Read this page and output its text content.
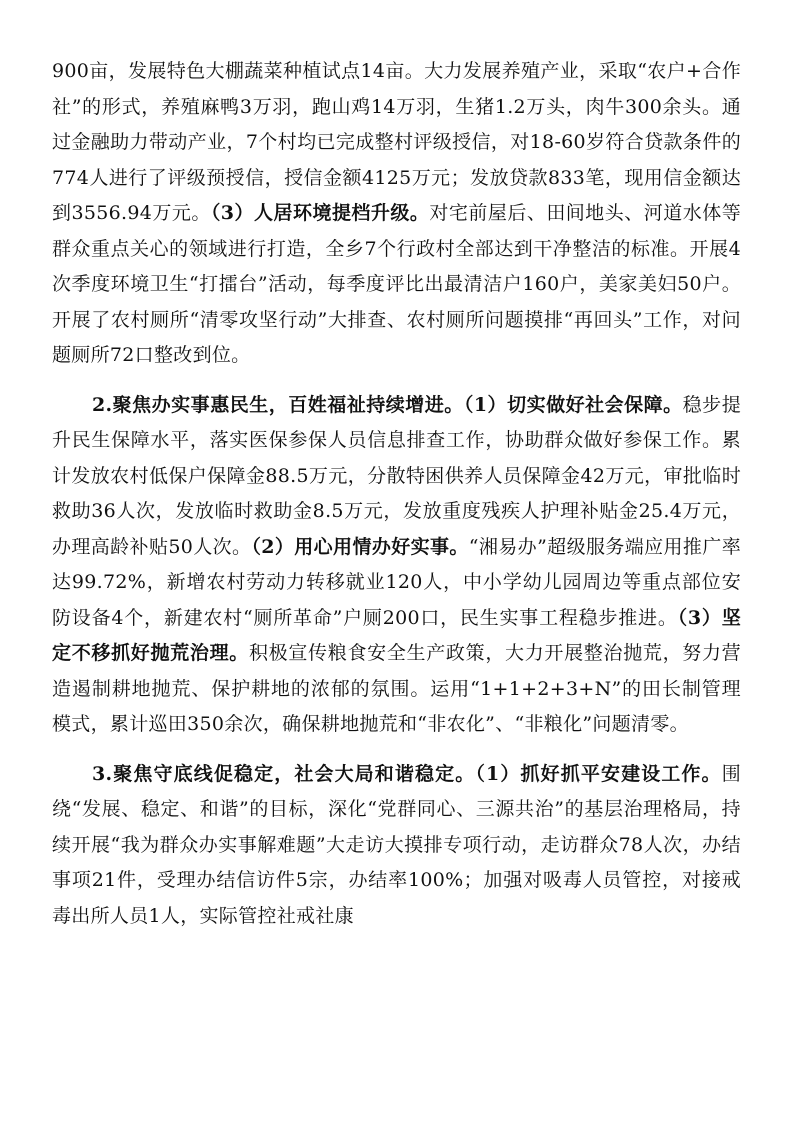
900亩，发展特色大棚蔬菜种植试点14亩。大力发展养殖产业，采取“农户+合作社”的形式，养殖麻鸭3万羽，跑山鸡14万羽，生猪1.2万头，肉牛300余头。通过金融助力带动产业，7个村均已完成整村评级授信，对18-60岁符合贷款条件的774人进行了评级预授信，授信金额4125万元；发放贷款833笔，现用信金额达到3556.94万元。（3）人居环境提档升级。对宅前屋后、田间地头、河道水体等群众重点关心的领域进行打造，全乡7个行政村全部达到干净整洁的标准。开展4次季度环境卫生“打擂台”活动，每季度评比出最清洁户160户，美家美妇50户。开展了农村厕所“清零攻坚行动”大排查、农村厕所问题摸排“再回头”工作，对问题厕所72口整改到位。

2.聚焦办实事惠民生，百姓福祉持续增进。（1）切实做好社会保障。稳步提升民生保障水平，落实医保参保人员信息排查工作，协助群众做好参保工作。累计发放农村低保户保障金88.5万元，分散特困供养人员保障金42万元，审批临时救助36人次，发放临时救助金8.5万元，发放重度残疾人护理补贴金25.4万元，办理高龄补贴50人次。（2）用心用情办好实事。“湘易办”超级服务端应用推广率达99.72%，新增农村劳动力转移就业120人，中小学幼儿园周边等重点部位安防设备4个，新建农村“厕所革命”户厕200口，民生实事工程稳步推进。（3）坚定不移抓好抛荒治理。积极宣传粮食安全生产政策，大力开展整治抛荒，努力营造遏制耕地抛荒、保护耕地的浓郁的氛围。运用“1+1+2+3+N”的田长制管理模式，累计巡田350余次，确保耕地抛荒和“非农化”、“非粮化”问题清零。

3.聚焦守底线促稳定，社会大局和谐稳定。（1）抓好抓平安建设工作。围绕“发展、稳定、和谐”的目标，深化“党群同心、三源共治”的基层治理格局，持续开展“我为群众办实事解难题”大走访大摸排专项行动，走访群众78人次，办结事项21件，受理办结信访件5宗，办结率100%；加强对吸毒人员管控，对接戒毒出所人员1人，实际管控社戒社康
